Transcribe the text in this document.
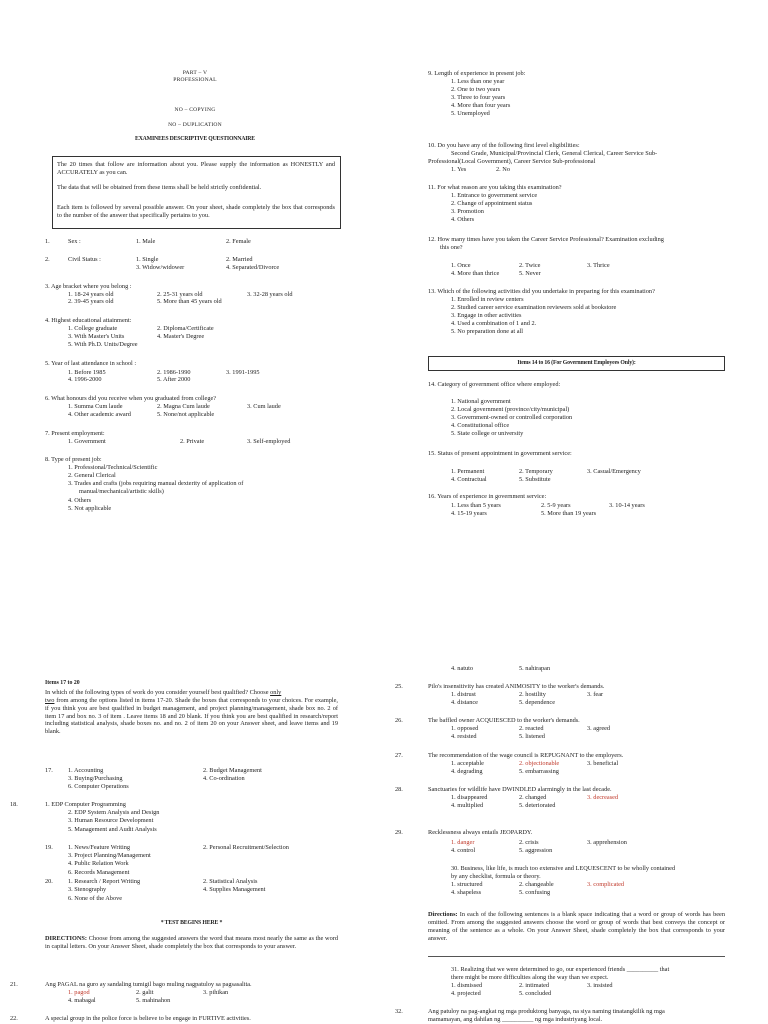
PART – V
PROFESSIONAL
NO – COPYING
NO – DUPLICATION
EXAMINEES DESCRIPTIVE QUESTIONNAIRE
The 20 times that follow are information about you. Please supply the information as HONESTLY and ACCURATELY as you can.
The data that will be obtained from these items shall be held strictly confidential.
Each item is followed by several possible answer. On your sheet, shade completely the box that corresponds to the number of the answer that specifically pertains to you.
1.	Sex :	1. Male	2. Female
2.	Civil Status :	1. Single	2. Married
3. Widow/widower	4. Separated/Divorce
3. Age bracket where you belong :
1. 18-24 years old	2. 25-31 years old	3. 32-28 years old
2. 39-45 years old	5. More than 45 years old
4. Highest educational attainment:
1. College graduate	2. Diploma/Certificate
3. With Master's Units	4. Master's Degree
5. With Ph.D. Units/Degree
5. Year of last attendance in school :
1. Before 1985	2. 1986-1990	3. 1991-1995
4. 1996-2000	5. After 2000
6. What honours did you receive when you graduated from college?
1. Summa Cum laude	2. Magna Cum laude	3. Cum laude
4. Other academic award	5. None/not applicable
7. Present employment:
1. Government	2. Private	3. Self-employed
8. Type of present job:
1. Professional/Technical/Scientific
2. General Clerical
3. Trades and crafts (jobs requiring manual dexterity of application of
manual/mechanical/artistic skills)
4. Others
5. Not applicable
9. Length of experience in present job:
1. Less than one year
2. One to two years
3. Three to four years
4. More than four years
5. Unemployed
10. Do you have any of the following first level eligibilities:
Second Grade, Municipal/Provincial Clerk, General Clerical, Career Service Sub-
Professional(Local Government), Career Service Sub-professional
1. Yes	2. No
11. For what reason are you taking this examination?
1. Entrance to government service
2. Change of appointment status
3. Promotion
4. Others
12. How many times have you taken the Career Service Professional? Examination excluding
this one?
1. Once	2. Twice	3. Thrice
4. More than thrice	5. Never
13. Which of the following activities did you undertake in preparing for this examination?
1. Enrolled in review centers
2. Studied career service examination reviewers sold at bookstore
3. Engage in other activities
4. Used a combination of 1 and 2.
5. No preparation done at all
Items 14 to 16 (For Government Employees Only):
14. Category of government office where employed:
1. National government
2. Local government (province/city/municipal)
3. Government-owned or controlled corporation
4. Constitutional office
5. State college or university
15. Status of present appointment in government service:
1. Permanent	2. Temporary	3. Casual/Emergency
4. Contractual	5. Substitute
16. Years of experience in government service:
1. Less than 5 years	2. 5-9 years	3. 10-14 years
4. 15-19 years	5. More than 19 years
Items 17 to 20
In which of the following types of work do you consider yourself best qualified? Choose only
two from among the options listed in items 17-20. Shade the boxes that corresponds to your choices. For example, if you think you are best qualified in budget management, and project planning/management, shade box no. 2 of item 17 and box no. 3 of item . Leave items 18 and 20 blank. If you think you are best qualified in research/report including statistical analysis, shade boxes no. and no. 2 of item 20 on your Answer sheet, and leave items and 19 blank.
17. 1. Accounting	2. Budget Management
3. Buying/Purchasing	4. Co-ordination
6. Computer Operations
18.	1. EDP Computer Programming
2. EDP System Analysis and Design
3. Human Resource Development
5. Management and Audit Analysis
19. 1. News/Feature Writing	2. Personal Recruitment/Selection
3. Project Planning/Management
4. Public Relation Work
6. Records Management
20. 1. Research / Report Writing	2. Statistical Analysis
3. Stenography	4. Supplies Management
6. None of the Above
* TEST BEGINS HERE *
DIRECTIONS: Choose from among the suggested answers the word that means most nearly the same as the word in capital letters. On your Answer Sheet, shade completely the box that corresponds to your answer.
21.	Ang PAGAL na guro ay sandaling tumigil bago muling nagpatuloy sa pagsasalita.
1. pagod	2. galit	3. pihikan
4. mabagal	5. mahinahon
22.	A special group in the police force is believe to be engage in FURTIVE activities.
4. natuto	5. nahirapan
25.	Pilo's insensitivity has created ANIMOSITY to the worker's demands.
1. distrust	2. hostility	3. fear
4. distance	5. dependence
26.	The baffled owner ACQUIESCED to the worker's demands.
1. opposed	2. reacted	3. agreed
4. resisted	5. listened
27.	The recommendation of the wage council is REPUGNANT to the employers.
1. acceptable	2. objectionable	3. beneficial
4. degrading	5. embarrassing
28.	Sanctuaries for wildlife have DWINDLED alarmingly in the last decade.
1. disappeared	2. changed	3. decreased
4. multiplied	5. deteriorated
29.	Recklessness always entails JEOPARDY.
1. danger	2. crisis	3. apprehension
4. control	5. aggression
30. Business, like life, is much too extensive and LEQUESCENT to be wholly contained
by any checklist, formula or theory.
1. structured	2. changeable	3. complicated
4. shapeless	5. confusing
Directions: In each of the following sentences is a blank space indicating that a word or group of words has been omitted. From among the suggested answers choose the word or group of words that best conveys the concept or meaning of the sentence as a whole. On your Answer Sheet, shade completely the box that corresponds to your answer.
31. Realizing that we were determined to go, our experienced friends __________ that
there might be more difficulties along the way than we expect.
1. dismissed	2. intimated	3. insisted
4. projected	5. concluded
32.	Ang patuloy na pag-angkat ng mga produktong banyaga, na siya naming tinatangkilik ng mga
mamamayan, ang dahilan ng __________ ng mga industriyang local.
